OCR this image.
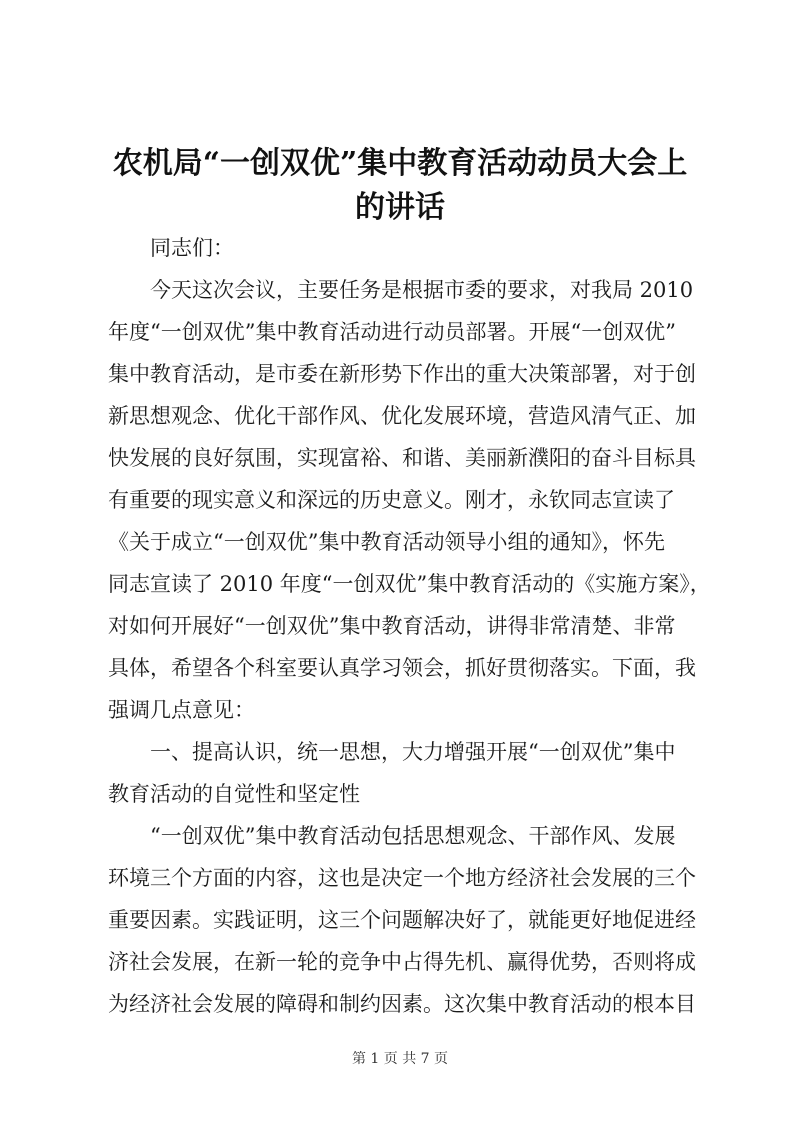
农机局“一创双优”集中教育活动动员大会上
的讲话
同志们：
今天这次会议，主要任务是根据市委的要求，对我局 2010
年度“一创双优”集中教育活动进行动员部署。开展“一创双优”
集中教育活动，是市委在新形势下作出的重大决策部署，对于创
新思想观念、优化干部作风、优化发展环境，营造风清气正、加
快发展的良好氛围，实现富裕、和谐、美丽新濮阳的奋斗目标具
有重要的现实意义和深远的历史意义。刚才，永钦同志宣读了
《关于成立“一创双优”集中教育活动领导小组的通知》，怀先
同志宣读了 2010 年度“一创双优”集中教育活动的《实施方案》，
对如何开展好“一创双优”集中教育活动，讲得非常清楚、非常
具体，希望各个科室要认真学习领会，抓好贯彻落实。下面，我
强调几点意见：
一、提高认识，统一思想，大力增强开展“一创双优”集中
教育活动的自觉性和坚定性
“一创双优”集中教育活动包括思想观念、干部作风、发展
环境三个方面的内容，这也是决定一个地方经济社会发展的三个
重要因素。实践证明，这三个问题解决好了，就能更好地促进经
济社会发展，在新一轮的竞争中占得先机、赢得优势，否则将成
为经济社会发展的障碍和制约因素。这次集中教育活动的根本目
第 1 页 共 7 页
